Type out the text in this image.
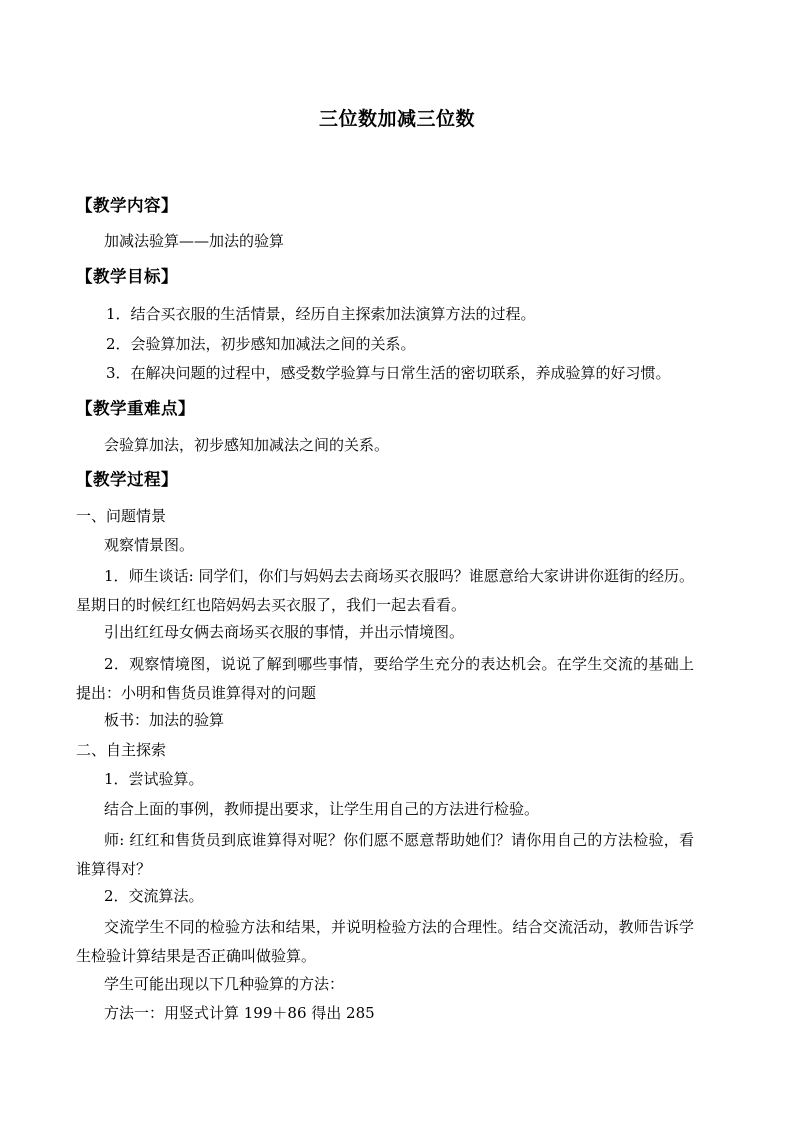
三位数加减三位数
【教学内容】
加减法验算——加法的验算
【教学目标】
1．结合买衣服的生活情景，经历自主探索加法演算方法的过程。
2．会验算加法，初步感知加减法之间的关系。
3．在解决问题的过程中，感受数学验算与日常生活的密切联系，养成验算的好习惯。
【教学重难点】
会验算加法，初步感知加减法之间的关系。
【教学过程】
一、问题情景
观察情景图。
1．师生谈话: 同学们，你们与妈妈去去商场买衣服吗？谁愿意给大家讲讲你逛街的经历。星期日的时候红红也陪妈妈去买衣服了，我们一起去看看。
引出红红母女俩去商场买衣服的事情，并出示情境图。
2．观察情境图，说说了解到哪些事情，要给学生充分的表达机会。在学生交流的基础上提出：小明和售货员谁算得对的问题
板书：加法的验算
二、自主探索
1．尝试验算。
结合上面的事例，教师提出要求，让学生用自己的方法进行检验。
师: 红红和售货员到底谁算得对呢？你们愿不愿意帮助她们？请你用自己的方法检验，看谁算得对？
2．交流算法。
交流学生不同的检验方法和结果，并说明检验方法的合理性。结合交流活动，教师告诉学生检验计算结果是否正确叫做验算。
学生可能出现以下几种验算的方法：
方法一：用竖式计算 199＋86 得出 285
